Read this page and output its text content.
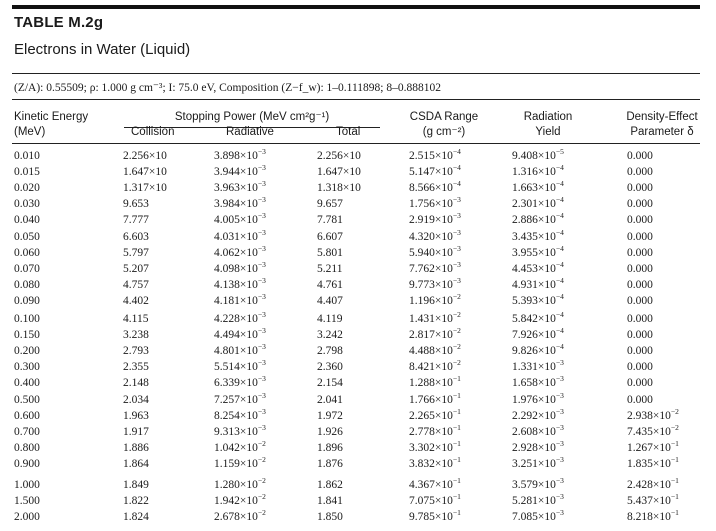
TABLE M.2g
Electrons in Water (Liquid)
(Z/A): 0.55509; ρ: 1.000 g cm⁻³; I: 75.0 eV, Composition (Z−f_w): 1–0.111898; 8–0.888102
Kinetic Energy
(MeV)
Stopping Power (MeV cm²g⁻¹)
Collision	Radiative	Total
CSDA Range
(g cm⁻²)
Radiation
Yield
Density-Effect
Parameter δ
0.010	2.256×10	$3.898\times 10^{-3}$	2.256×10	$2.515\times 10^{-4}$	$9.408\times 10^{-5}$	0.000
0.015	1.647×10	$3.944\times 10^{-3}$	1.647×10	$5.147\times 10^{-4}$	$1.316\times 10^{-4}$	0.000
0.020	1.317×10	$3.963\times 10^{-3}$	1.318×10	$8.566\times 10^{-4}$	$1.663\times 10^{-4}$	0.000
0.030	9.653	$3.984\times 10^{-3}$	9.657	$1.756\times 10^{-3}$	$2.301\times 10^{-4}$	0.000
0.040	7.777	$4.005\times 10^{-3}$	7.781	$2.919\times 10^{-3}$	$2.886\times 10^{-4}$	0.000
0.050	6.603	$4.031\times 10^{-3}$	6.607	$4.320\times 10^{-3}$	$3.435\times 10^{-4}$	0.000
0.060	5.797	$4.062\times 10^{-3}$	5.801	$5.940\times 10^{-3}$	$3.955\times 10^{-4}$	0.000
0.070	5.207	$4.098\times 10^{-3}$	5.211	$7.762\times 10^{-3}$	$4.453\times 10^{-4}$	0.000
0.080	4.757	$4.138\times 10^{-3}$	4.761	$9.773\times 10^{-3}$	$4.931\times 10^{-4}$	0.000
0.090	4.402	$4.181\times 10^{-3}$	4.407	$1.196\times 10^{-2}$	$5.393\times 10^{-4}$	0.000
0.100	4.115	$4.228\times 10^{-3}$	4.119	$1.431\times 10^{-2}$	$5.842\times 10^{-4}$	0.000
0.150	3.238	$4.494\times 10^{-3}$	3.242	$2.817\times 10^{-2}$	$7.926\times 10^{-4}$	0.000
0.200	2.793	$4.801\times 10^{-3}$	2.798	$4.488\times 10^{-2}$	$9.826\times 10^{-4}$	0.000
0.300	2.355	$5.514\times 10^{-3}$	2.360	$8.421\times 10^{-2}$	$1.331\times 10^{-3}$	0.000
0.400	2.148	$6.339\times 10^{-3}$	2.154	$1.288\times 10^{-1}$	$1.658\times 10^{-3}$	0.000
0.500	2.034	$7.257\times 10^{-3}$	2.041	$1.766\times 10^{-1}$	$1.976\times 10^{-3}$	0.000
0.600	1.963	$8.254\times 10^{-3}$	1.972	$2.265\times 10^{-1}$	$2.292\times 10^{-3}$	$2.938\times 10^{-2}$
0.700	1.917	$9.313\times 10^{-3}$	1.926	$2.778\times 10^{-1}$	$2.608\times 10^{-3}$	$7.435\times 10^{-2}$
0.800	1.886	$1.042\times 10^{-2}$	1.896	$3.302\times 10^{-1}$	$2.928\times 10^{-3}$	$1.267\times 10^{-1}$
0.900	1.864	$1.159\times 10^{-2}$	1.876	$3.832\times 10^{-1}$	$3.251\times 10^{-3}$	$1.835\times 10^{-1}$
1.000	1.849	$1.280\times 10^{-2}$	1.862	$4.367\times 10^{-1}$	$3.579\times 10^{-3}$	$2.428\times 10^{-1}$
1.500	1.822	$1.942\times 10^{-2}$	1.841	$7.075\times 10^{-1}$	$5.281\times 10^{-3}$	$5.437\times 10^{-1}$
2.000	1.824	$2.678\times 10^{-2}$	1.850	$9.785\times 10^{-1}$	$7.085\times 10^{-3}$	$8.218\times 10^{-1}$
